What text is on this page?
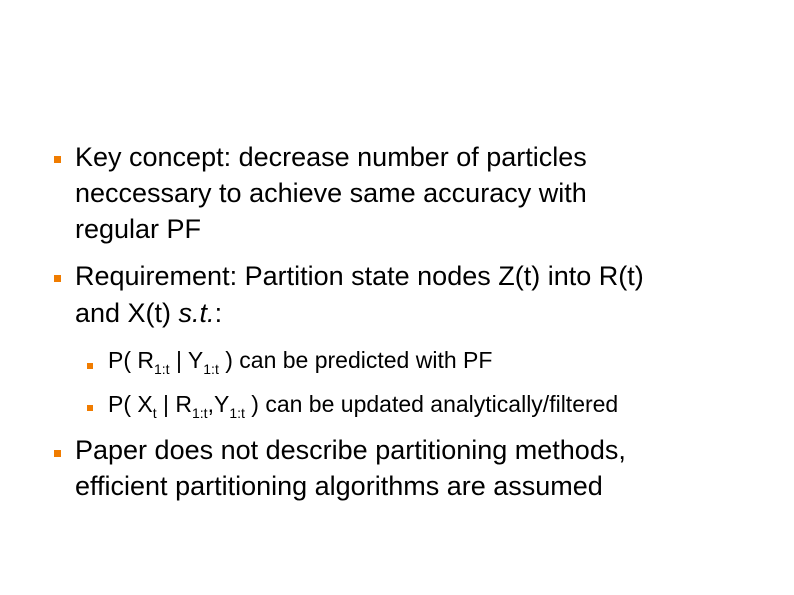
Key concept: decrease number of particles
neccessary to achieve same accuracy with
regular PF
Requirement: Partition state nodes Z(t) into R(t)
and X(t) s.t.:
P( $R_{1:t}$ | $Y_{1:t}$ ) can be predicted with PF
P( $X_t$ | $R_{1:t},Y_{1:t}$ ) can be updated analytically/filtered
Paper does not describe partitioning methods,
efficient partitioning algorithms are assumed
